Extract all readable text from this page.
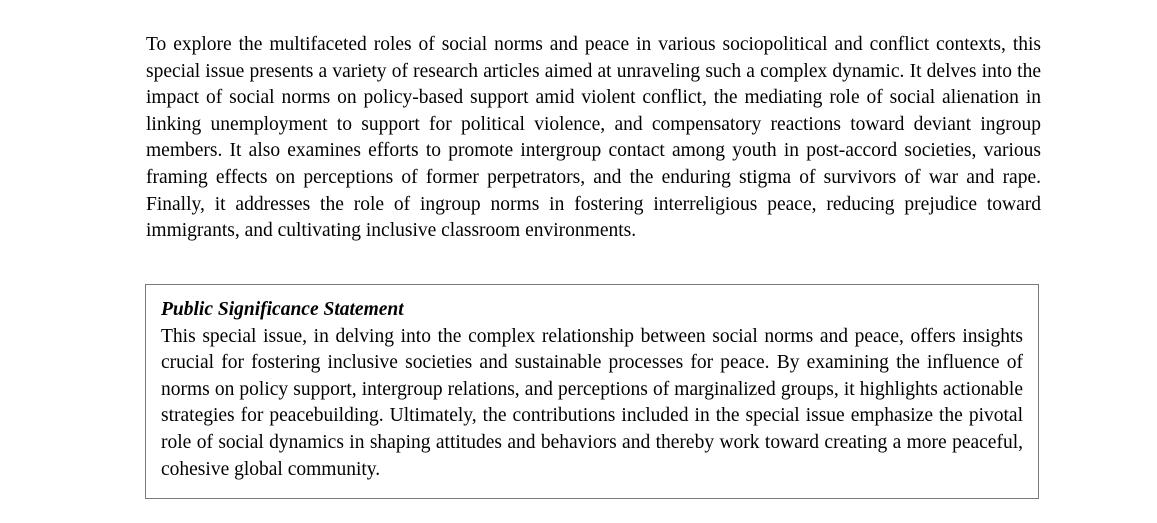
To explore the multifaceted roles of social norms and peace in various sociopolitical and conflict contexts, this special issue presents a variety of research articles aimed at unraveling such a complex dynamic. It delves into the impact of social norms on policy-based support amid violent conflict, the mediating role of social alienation in linking unemployment to support for political violence, and compensatory reactions toward deviant ingroup members. It also examines efforts to promote intergroup contact among youth in post-accord societies, various framing effects on perceptions of former perpetrators, and the enduring stigma of survivors of war and rape. Finally, it addresses the role of ingroup norms in fostering interreligious peace, reducing prejudice toward immigrants, and cultivating inclusive classroom environments.

Public Significance Statement

This special issue, in delving into the complex relationship between social norms and peace, offers insights crucial for fostering inclusive societies and sustainable processes for peace. By examining the influence of norms on policy support, intergroup relations, and perceptions of marginalized groups, it highlights actionable strategies for peacebuilding. Ultimately, the contributions included in the special issue emphasize the pivotal role of social dynamics in shaping attitudes and behaviors and thereby work toward creating a more peaceful, cohesive global community.
